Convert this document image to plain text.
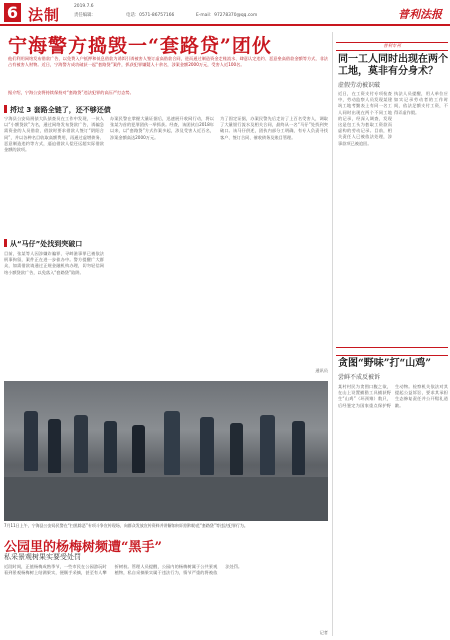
6 法制	2019.7.6
责任编辑：	电话：0571-86757166	E-mail：97278370@qq.com	普利法报
宁海警方捣毁一“套路贷”团伙
他们利用网络发布借款广告，以免费入户抵押和低息借款为诱饵引诱被害人签订虚高借款合同，进而通过制造资金走账流水、肆意认定违约、恶意垒高借款金额等方式，非法占有被害人财物。近日，宁海警方成功破获一起“套路贷”案件，抓获犯罪嫌疑人十余名，涉案金额2000万元，受害人近100名。
据介绍，宁海公安将持续保持对“套路贷”违法犯罪的高压严打态势。
捋过 3 套路全链了，还不够还债
宁海县公安局刑侦大队侦查员在工作中发现，一伙人以“小额贷款”为名，通过网络发布贷款广告，诱骗急需资金的人员借款，借款时要求借款人签订“阴阳合同”，并以各种名目收取高额费用，再通过虚增债务、恶意制造违约等方式，逼迫借款人偿还远超实际借款金额的款项。
办案民警在掌握大量证据后，迅速展开收网行动，将以张某为首的犯罪团伙一举抓获。经查，该团伙自2018年以来，以“套路贷”方式作案多起，涉及受害人近百名，涉案金额高达2000万元。
为了固定证据，办案民警先后走访了上百名受害人，调取了大量银行流水及相关合同，最终从一名“马仔”处找到突破口。该马仔供述，团伙内部分工明确，有专人负责寻找客户、签订合同、催收债务及账目管理。
从“马仔”处找到突破口
目前，张某等人因涉嫌诈骗罪、寻衅滋事罪已被依法刑事拘留，案件正在进一步侦办中。警方提醒广大群众，如需借款请通过正规金融机构办理，切勿轻信网络小额贷款广告，以免落入“套路贷”陷阱。
通讯员
7月11日上午，宁海县公安局民警在“扫黑除恶”专项斗争宣传现场，向群众发放宣传资料并讲解如何识别和防范“套路贷”等违法犯罪行为。
公园里的杨梅树频遭“黑手”
私采景观树果实要受处罚
近段时间，正值杨梅成熟季节，一些市民在公园游玩时看到景观杨梅树上结满果实，便顺手采摘，甚至有人攀折树枝。管理人员提醒，公园内的杨梅树属于公共景观植物，私自采摘果实属于违法行为，情节严重的将被依法处罚。
记者
普利专刊
同一工人同时出现在两个工地，莫非有分身术？
虚假劳动被识破
近日，在工资支付专项检查中，劳动监察人员发现某建筑工地考勤表上有同一名工人同时出现在两个不同工地的记录，经深入调查，发现这是包工头为套取工资款而虚构的劳动记录。目前，相关责任人已被依法处理，涉事款项已被追回。
执法人员提醒，用人单位应如实记录劳动者的工作时间，依法足额支付工资，不得弄虚作假。
贪图“野味”打“山鸡”
尝鲜不成反被诉
某村村民为贪图口腹之欲，在山上设置捕猎工具捕获野生“山鸡”（环颈雉）数只，后经鉴定为国家重点保护野生动物。检察机关依法对其提起公益诉讼，要求其承担生态修复责任并公开赔礼道歉。
